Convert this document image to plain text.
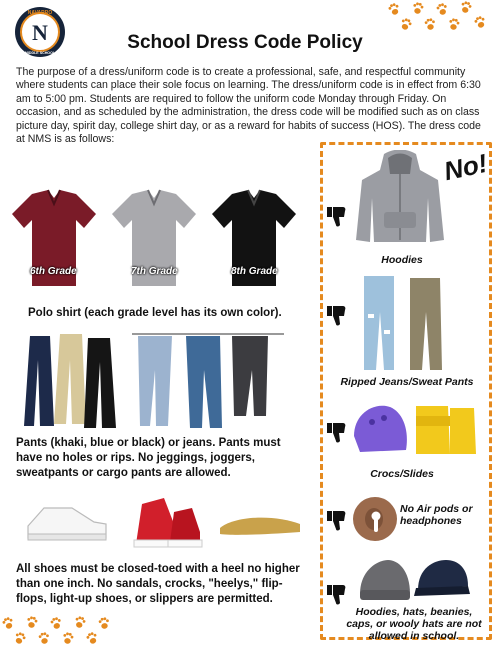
N
NAVARRO
MIDDLE SCHOOL	School Dress Code Policy
The purpose of a dress/uniform code is to create a professional, safe, and respectful community where students can place their sole focus on learning. The dress/uniform code is in effect from 6:30 am to 5:00 pm. Students are required to follow the uniform code Monday through Friday. On occasion, and as scheduled by the administration, the dress code will be modified such as on class picture day, spirit day, college shirt day, or as a reward for habits of success (HOS). The dress code at NMS is as follows:
6th Grade	7th Grade	8th Grade
Polo shirt (each grade level has its own color).
Pants (khaki, blue or black) or jeans. Pants must have no holes or rips. No jeggings, joggers, sweatpants or cargo pants are allowed.
All shoes must be closed-toed with a heel no higher than one inch. No sandals, crocks, "heelys," flip-flops, light-up shoes, or slippers are permitted.
No!
Hoodies
Ripped Jeans/Sweat Pants
Crocs/Slides
No Air pods or headphones
Hoodies, hats, beanies, caps, or wooly hats are not allowed in school.
